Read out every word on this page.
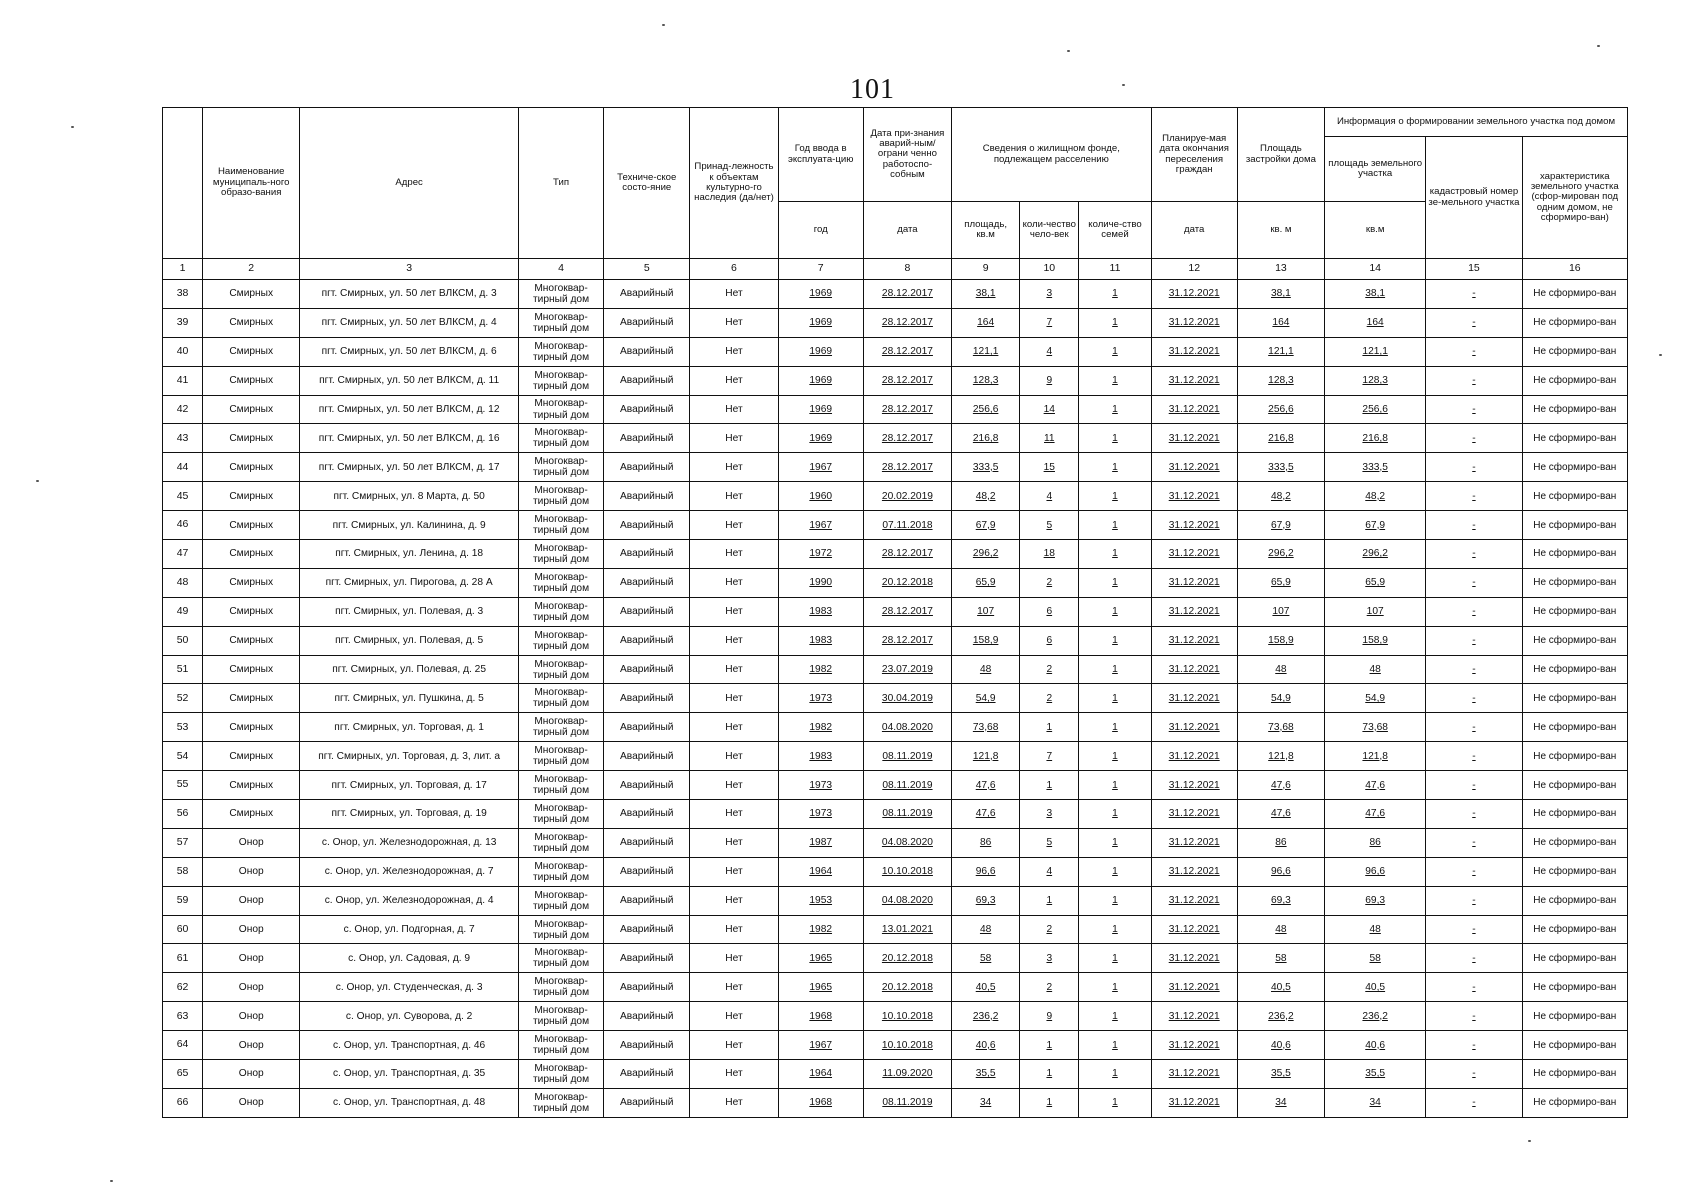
101
	Наименование муниципаль-ного образо-вания	Адрес	Тип	Техниче-ское состо-яние	Принад-лежность к объектам культурно-го наследия (да/нет)	Год ввода в эксплуата-цию	Дата при-знания аварий-ным/ограни ченно работоспо-собным	Сведения о жилищном фонде, подлежащем расселению			Планируе-мая дата окончания переселения граждан	Площадь застройки дома	Информация о формировании земельного участка под домом		
													площадь земельного участка	кадастровый номер зе-мельного участка	характеристика земельного участка (сфор-мирован под одним домом, не сформиро-ван)
						год	дата	площадь, кв.м	коли-чество чело-век	количе-ство семей	дата	кв. м	кв.м		
1	2	3	4	5	6	7	8	9	10	11	12	13	14	15	16
38	Смирных	пгт. Смирных, ул. 50 лет ВЛКСМ, д. 3	Многоквар-тирный дом	Аварийный	Нет	1969	28.12.2017	38,1	3	1	31.12.2021	38,1	38,1	-	Не сформиро-ван
39	Смирных	пгт. Смирных, ул. 50 лет ВЛКСМ, д. 4	Многоквар-тирный дом	Аварийный	Нет	1969	28.12.2017	164	7	1	31.12.2021	164	164	-	Не сформиро-ван
40	Смирных	пгт. Смирных, ул. 50 лет ВЛКСМ, д. 6	Многоквар-тирный дом	Аварийный	Нет	1969	28.12.2017	121,1	4	1	31.12.2021	121,1	121,1	-	Не сформиро-ван
41	Смирных	пгт. Смирных, ул. 50 лет ВЛКСМ, д. 11	Многоквар-тирный дом	Аварийный	Нет	1969	28.12.2017	128,3	9	1	31.12.2021	128,3	128,3	-	Не сформиро-ван
42	Смирных	пгт. Смирных, ул. 50 лет ВЛКСМ, д. 12	Многоквар-тирный дом	Аварийный	Нет	1969	28.12.2017	256,6	14	1	31.12.2021	256,6	256,6	-	Не сформиро-ван
43	Смирных	пгт. Смирных, ул. 50 лет ВЛКСМ, д. 16	Многоквар-тирный дом	Аварийный	Нет	1969	28.12.2017	216,8	11	1	31.12.2021	216,8	216,8	-	Не сформиро-ван
44	Смирных	пгт. Смирных, ул. 50 лет ВЛКСМ, д. 17	Многоквар-тирный дом	Аварийный	Нет	1967	28.12.2017	333,5	15	1	31.12.2021	333,5	333,5	-	Не сформиро-ван
45	Смирных	пгт. Смирных, ул. 8 Марта, д. 50	Многоквар-тирный дом	Аварийный	Нет	1960	20.02.2019	48,2	4	1	31.12.2021	48,2	48,2	-	Не сформиро-ван
46	Смирных	пгт. Смирных, ул. Калинина, д. 9	Многоквар-тирный дом	Аварийный	Нет	1967	07.11.2018	67,9	5	1	31.12.2021	67,9	67,9	-	Не сформиро-ван
47	Смирных	пгт. Смирных, ул. Ленина, д. 18	Многоквар-тирный дом	Аварийный	Нет	1972	28.12.2017	296,2	18	1	31.12.2021	296,2	296,2	-	Не сформиро-ван
48	Смирных	пгт. Смирных, ул. Пирогова, д. 28 А	Многоквар-тирный дом	Аварийный	Нет	1990	20.12.2018	65,9	2	1	31.12.2021	65,9	65,9	-	Не сформиро-ван
49	Смирных	пгт. Смирных, ул. Полевая, д. 3	Многоквар-тирный дом	Аварийный	Нет	1983	28.12.2017	107	6	1	31.12.2021	107	107	-	Не сформиро-ван
50	Смирных	пгт. Смирных, ул. Полевая, д. 5	Многоквар-тирный дом	Аварийный	Нет	1983	28.12.2017	158,9	6	1	31.12.2021	158,9	158,9	-	Не сформиро-ван
51	Смирных	пгт. Смирных, ул. Полевая, д. 25	Многоквар-тирный дом	Аварийный	Нет	1982	23.07.2019	48	2	1	31.12.2021	48	48	-	Не сформиро-ван
52	Смирных	пгт. Смирных, ул. Пушкина, д. 5	Многоквар-тирный дом	Аварийный	Нет	1973	30.04.2019	54,9	2	1	31.12.2021	54,9	54,9	-	Не сформиро-ван
53	Смирных	пгт. Смирных, ул. Торговая, д. 1	Многоквар-тирный дом	Аварийный	Нет	1982	04.08.2020	73,68	1	1	31.12.2021	73,68	73,68	-	Не сформиро-ван
54	Смирных	пгт. Смирных, ул. Торговая, д. 3, лит. а	Многоквар-тирный дом	Аварийный	Нет	1983	08.11.2019	121,8	7	1	31.12.2021	121,8	121,8	-	Не сформиро-ван
55	Смирных	пгт. Смирных, ул. Торговая, д. 17	Многоквар-тирный дом	Аварийный	Нет	1973	08.11.2019	47,6	1	1	31.12.2021	47,6	47,6	-	Не сформиро-ван
56	Смирных	пгт. Смирных, ул. Торговая, д. 19	Многоквар-тирный дом	Аварийный	Нет	1973	08.11.2019	47,6	3	1	31.12.2021	47,6	47,6	-	Не сформиро-ван
57	Онор	с. Онор, ул. Железнодорожная, д. 13	Многоквар-тирный дом	Аварийный	Нет	1987	04.08.2020	86	5	1	31.12.2021	86	86	-	Не сформиро-ван
58	Онор	с. Онор, ул. Железнодорожная, д. 7	Многоквар-тирный дом	Аварийный	Нет	1964	10.10.2018	96,6	4	1	31.12.2021	96,6	96,6	-	Не сформиро-ван
59	Онор	с. Онор, ул. Железнодорожная, д. 4	Многоквар-тирный дом	Аварийный	Нет	1953	04.08.2020	69,3	1	1	31.12.2021	69,3	69,3	-	Не сформиро-ван
60	Онор	с. Онор, ул. Подгорная, д. 7	Многоквар-тирный дом	Аварийный	Нет	1982	13.01.2021	48	2	1	31.12.2021	48	48	-	Не сформиро-ван
61	Онор	с. Онор, ул. Садовая, д. 9	Многоквар-тирный дом	Аварийный	Нет	1965	20.12.2018	58	3	1	31.12.2021	58	58	-	Не сформиро-ван
62	Онор	с. Онор, ул. Студенческая, д. 3	Многоквар-тирный дом	Аварийный	Нет	1965	20.12.2018	40,5	2	1	31.12.2021	40,5	40,5	-	Не сформиро-ван
63	Онор	с. Онор, ул. Суворова, д. 2	Многоквар-тирный дом	Аварийный	Нет	1968	10.10.2018	236,2	9	1	31.12.2021	236,2	236,2	-	Не сформиро-ван
64	Онор	с. Онор, ул. Транспортная, д. 46	Многоквар-тирный дом	Аварийный	Нет	1967	10.10.2018	40,6	1	1	31.12.2021	40,6	40,6	-	Не сформиро-ван
65	Онор	с. Онор, ул. Транспортная, д. 35	Многоквар-тирный дом	Аварийный	Нет	1964	11.09.2020	35,5	1	1	31.12.2021	35,5	35,5	-	Не сформиро-ван
66	Онор	с. Онор, ул. Транспортная, д. 48	Многоквар-тирный дом	Аварийный	Нет	1968	08.11.2019	34	1	1	31.12.2021	34	34	-	Не сформиро-ван
